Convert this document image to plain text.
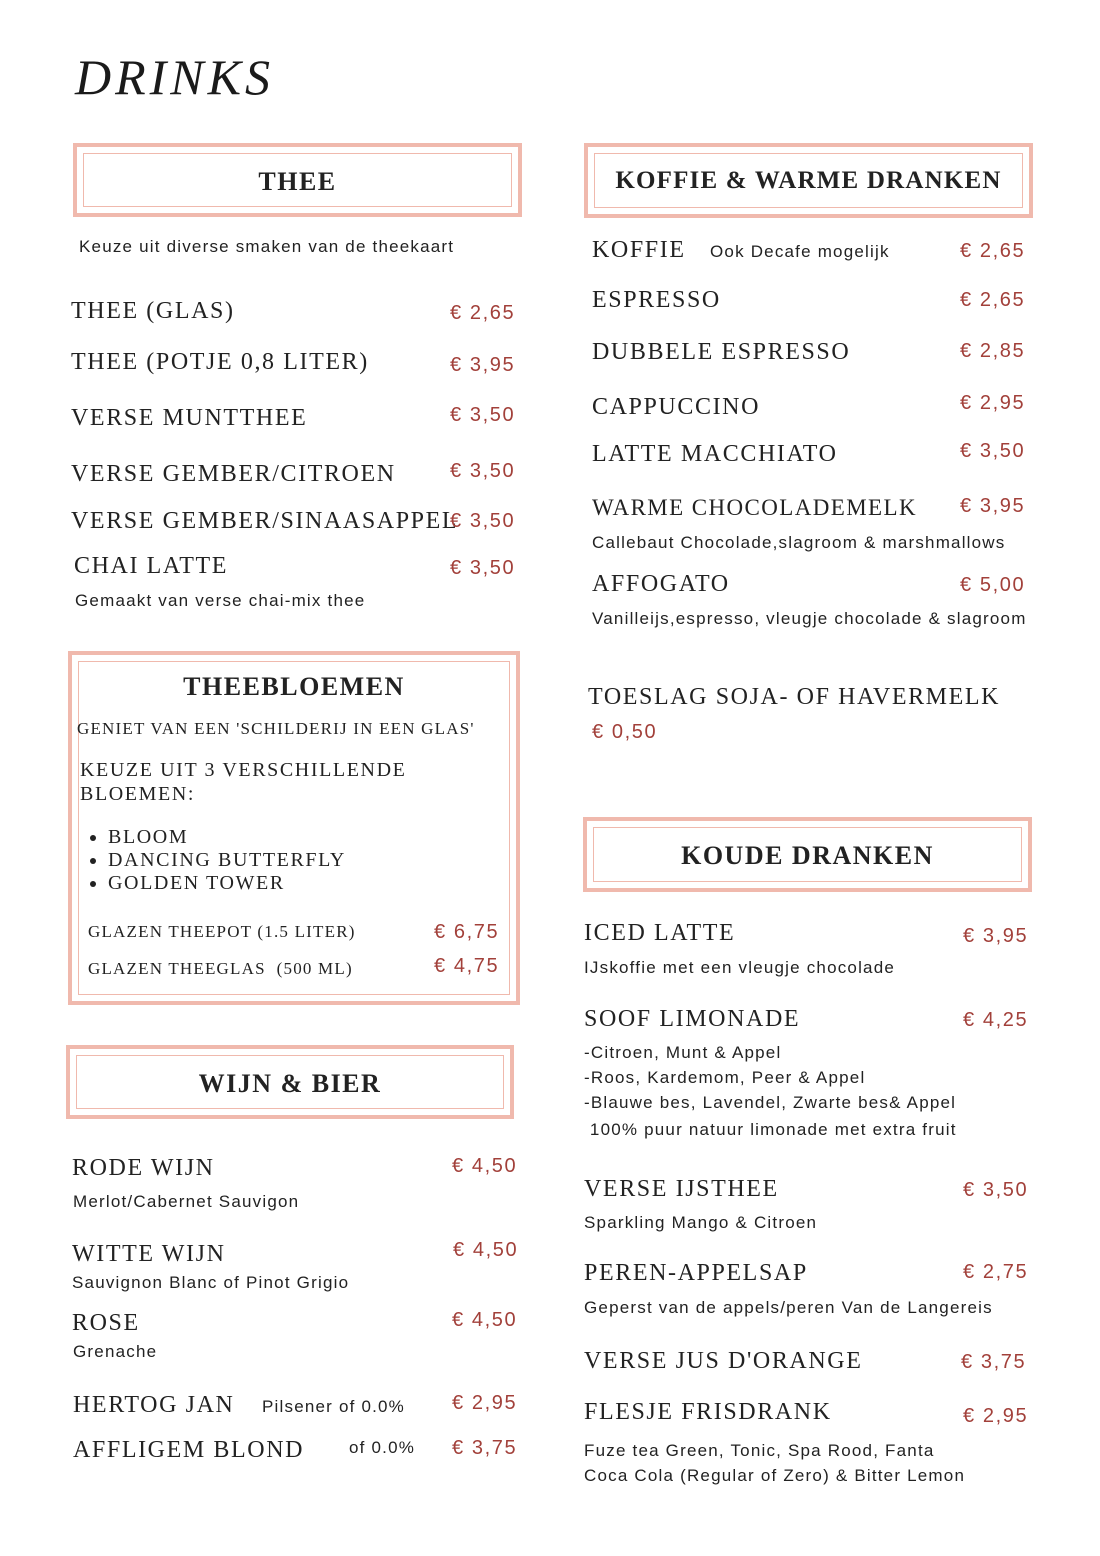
DRINKS
THEE
Keuze uit diverse smaken van de theekaart
THEE (GLAS)	€ 2,65
THEE (POTJE 0,8 LITER)	€ 3,95
VERSE MUNTTHEE	€ 3,50
VERSE GEMBER/CITROEN	€ 3,50
VERSE GEMBER/SINAASAPPEL
€ 3,50
CHAI LATTE	€ 3,50
Gemaakt van verse chai-mix thee
THEEBLOEMEN
GENIET VAN EEN 'SCHILDERIJ IN EEN GLAS'
KEUZE UIT 3 VERSCHILLENDE
BLOEMEN:
• BLOOM
• DANCING BUTTERFLY
• GOLDEN TOWER
GLAZEN THEEPOT (1.5 LITER)	€ 6,75
GLAZEN THEEGLAS  (500 ML)	€ 4,75
WIJN & BIER
RODE WIJN	€ 4,50
Merlot/Cabernet Sauvigon
WITTE WIJN	€ 4,50
Sauvignon Blanc of Pinot Grigio
ROSE	€ 4,50
Grenache
HERTOG JAN Pilsener of 0.0% € 2,95
AFFLIGEM BLOND	of 0.0% € 3,75
KOFFIE & WARME DRANKEN
KOFFIE Ook Decafe mogelijk	€ 2,65
ESPRESSO	€ 2,65
DUBBELE ESPRESSO	€ 2,85
CAPPUCCINO	€ 2,95
LATTE MACCHIATO	€ 3,50
WARME CHOCOLADEMELK € 3,95
Callebaut Chocolade,slagroom & marshmallows
AFFOGATO	€ 5,00
Vanilleijs,espresso, vleugje chocolade & slagroom
TOESLAG SOJA- OF HAVERMELK
€ 0,50
KOUDE DRANKEN
ICED LATTE	€ 3,95
IJskoffie met een vleugje chocolade
SOOF LIMONADE	€ 4,25
-Citroen, Munt & Appel
-Roos, Kardemom, Peer & Appel
-Blauwe bes, Lavendel, Zwarte bes& Appel
100% puur natuur limonade met extra fruit
VERSE IJSTHEE	€ 3,50
Sparkling Mango & Citroen
PEREN-APPELSAP	€ 2,75
Geperst van de appels/peren Van de Langereis
VERSE JUS D'ORANGE	€ 3,75
FLESJE FRISDRANK	€ 2,95
Fuze tea Green, Tonic, Spa Rood, Fanta
Coca Cola (Regular of Zero) & Bitter Lemon
